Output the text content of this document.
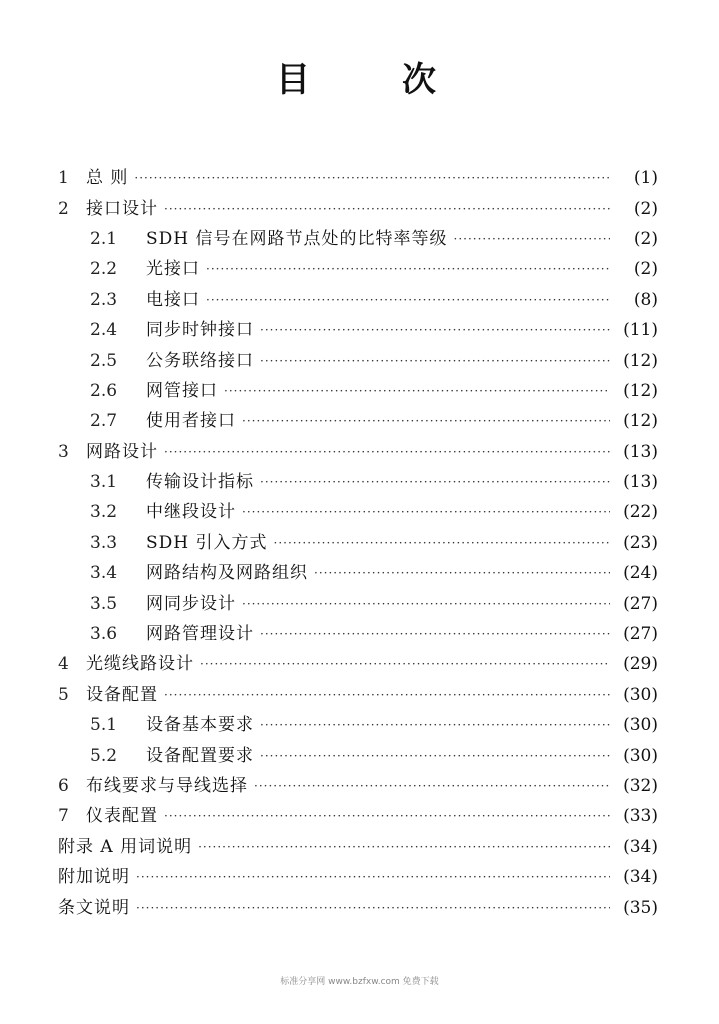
目	次
1	总 则 ·····	(1)
2	接口设计 ·····	(2)
2.1	SDH 信号在网路节点处的比特率等级 ·····	(2)
2.2	光接口 ·····	(2)
2.3	电接口 ·····	(8)
2.4	同步时钟接口 ·····	(11)
2.5	公务联络接口 ·····	(12)
2.6	网管接口 ·····	(12)
2.7	使用者接口 ·····	(12)
3	网路设计 ·····	(13)
3.1	传输设计指标 ·····	(13)
3.2	中继段设计 ·····	(22)
3.3	SDH 引入方式 ·····	(23)
3.4	网路结构及网路组织 ·····	(24)
3.5	网同步设计 ·····	(27)
3.6	网路管理设计 ·····	(27)
4	光缆线路设计 ·····	(29)
5	设备配置 ·····	(30)
5.1	设备基本要求 ·····	(30)
5.2	设备配置要求 ·····	(30)
6	布线要求与导线选择 ·····	(32)
7	仪表配置 ·····	(33)
附录 A 用词说明 ·····	(34)
附加说明 ·····	(34)
条文说明 ·····	(35)
标准分享网 www.bzfxw.com 免费下载
